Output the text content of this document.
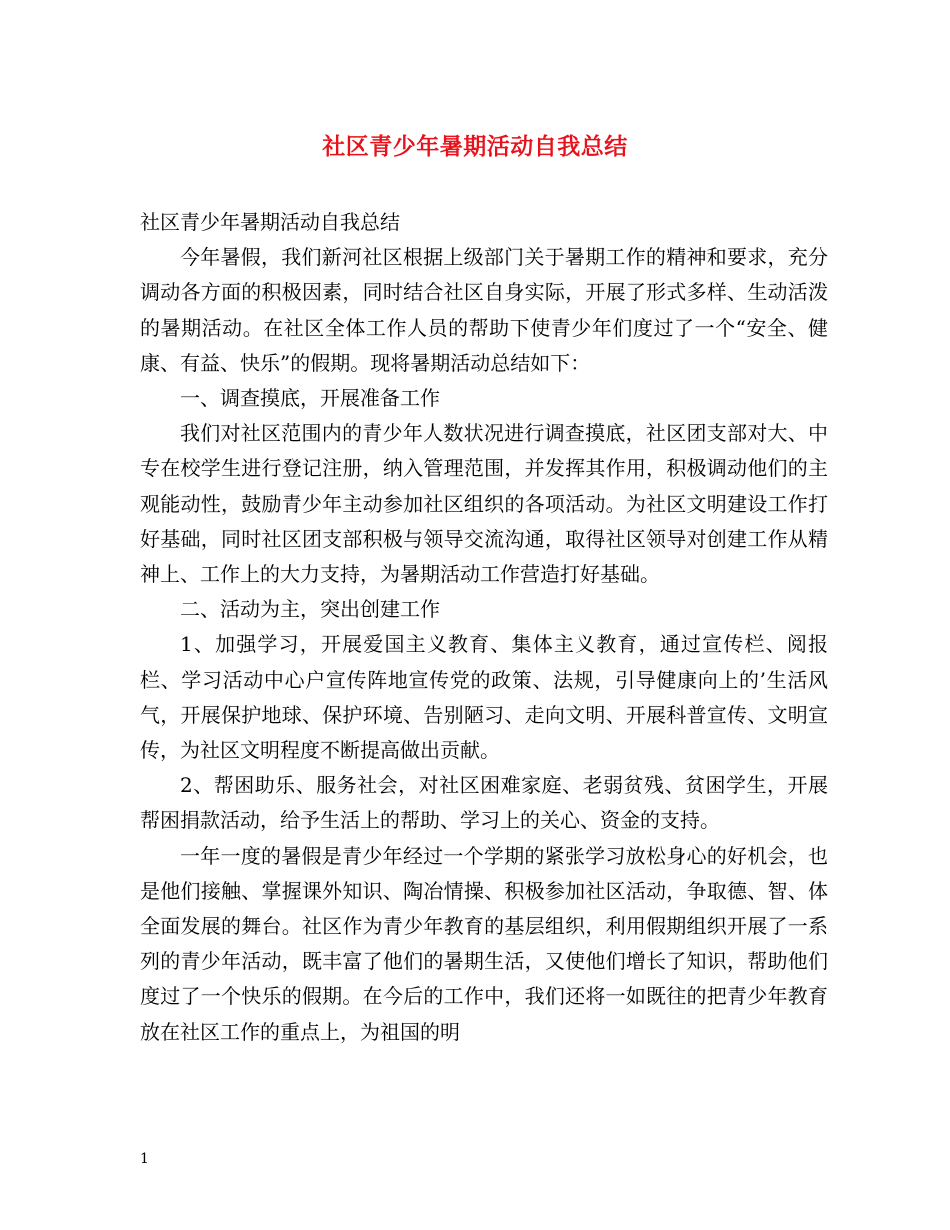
社区青少年暑期活动自我总结

社区青少年暑期活动自我总结

今年暑假，我们新河社区根据上级部门关于暑期工作的精神和要求，充分调动各方面的积极因素，同时结合社区自身实际，开展了形式多样、生动活泼的暑期活动。在社区全体工作人员的帮助下使青少年们度过了一个“安全、健康、有益、快乐”的假期。现将暑期活动总结如下：

一、调查摸底，开展准备工作

我们对社区范围内的青少年人数状况进行调查摸底，社区团支部对大、中专在校学生进行登记注册，纳入管理范围，并发挥其作用，积极调动他们的主观能动性，鼓励青少年主动参加社区组织的各项活动。为社区文明建设工作打好基础，同时社区团支部积极与领导交流沟通，取得社区领导对创建工作从精神上、工作上的大力支持，为暑期活动工作营造打好基础。

二、活动为主，突出创建工作

1、加强学习，开展爱国主义教育、集体主义教育，通过宣传栏、阅报栏、学习活动中心户宣传阵地宣传党的政策、法规，引导健康向上的’生活风气，开展保护地球、保护环境、告别陋习、走向文明、开展科普宣传、文明宣传，为社区文明程度不断提高做出贡献。

2、帮困助乐、服务社会，对社区困难家庭、老弱贫残、贫困学生，开展帮困捐款活动，给予生活上的帮助、学习上的关心、资金的支持。

一年一度的暑假是青少年经过一个学期的紧张学习放松身心的好机会，也是他们接触、掌握课外知识、陶冶情操、积极参加社区活动，争取德、智、体全面发展的舞台。社区作为青少年教育的基层组织，利用假期组织开展了一系列的青少年活动，既丰富了他们的暑期生活，又使他们增长了知识，帮助他们度过了一个快乐的假期。在今后的工作中，我们还将一如既往的把青少年教育放在社区工作的重点上，为祖国的明

1
